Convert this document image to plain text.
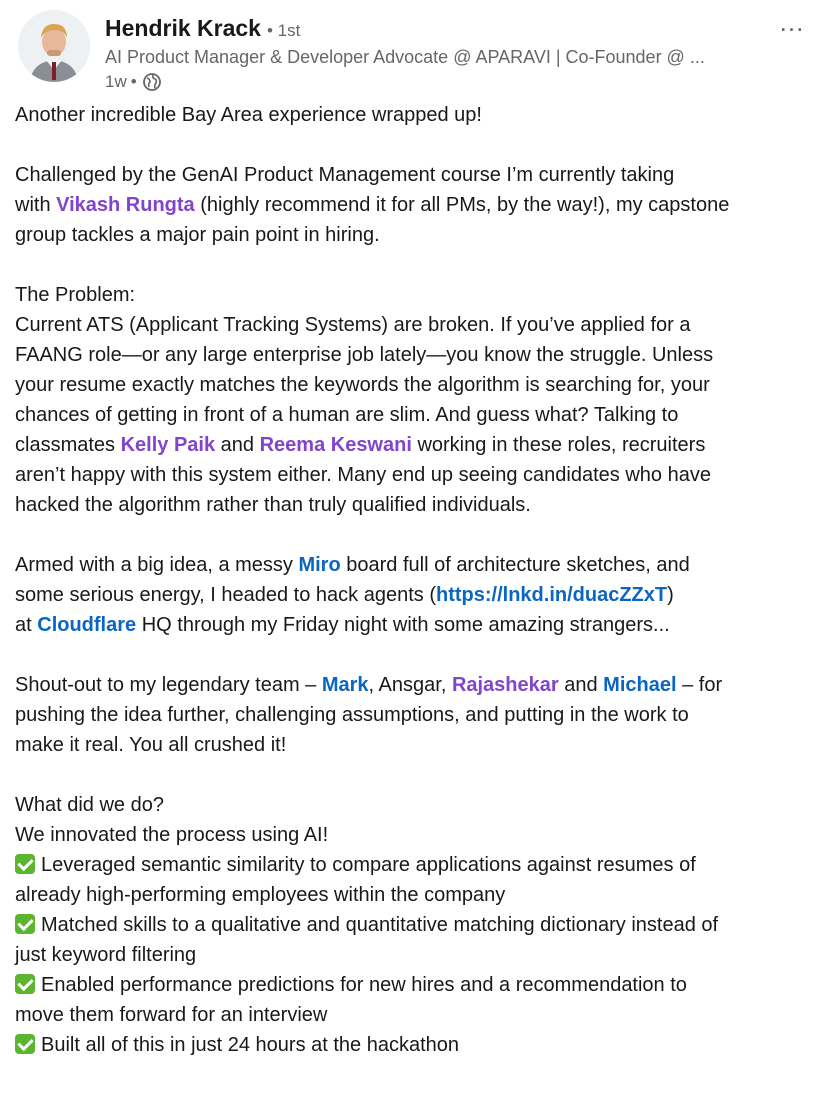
Hendrik Krack • 1st
AI Product Manager & Developer Advocate @ APARAVI | Co-Founder @ ...
1w •
...
Another incredible Bay Area experience wrapped up!
Challenged by the GenAI Product Management course I’m currently taking
with Vikash Rungta (highly recommend it for all PMs, by the way!), my capstone
group tackles a major pain point in hiring.
The Problem:
Current ATS (Applicant Tracking Systems) are broken. If you’ve applied for a
FAANG role—or any large enterprise job lately—you know the struggle. Unless
your resume exactly matches the keywords the algorithm is searching for, your
chances of getting in front of a human are slim. And guess what? Talking to
classmates Kelly Paik and Reema Keswani working in these roles, recruiters
aren’t happy with this system either. Many end up seeing candidates who have
hacked the algorithm rather than truly qualified individuals.
Armed with a big idea, a messy Miro board full of architecture sketches, and
some serious energy, I headed to hack agents (https://lnkd.in/duacZZxT)
at Cloudflare HQ through my Friday night with some amazing strangers...
Shout-out to my legendary team – Mark, Ansgar, Rajashekar and Michael – for
pushing the idea further, challenging assumptions, and putting in the work to
make it real. You all crushed it!
What did we do?
We innovated the process using AI!
Leveraged semantic similarity to compare applications against resumes of
already high-performing employees within the company
Matched skills to a qualitative and quantitative matching dictionary instead of
just keyword filtering
Enabled performance predictions for new hires and a recommendation to
move them forward for an interview
Built all of this in just 24 hours at the hackathon
